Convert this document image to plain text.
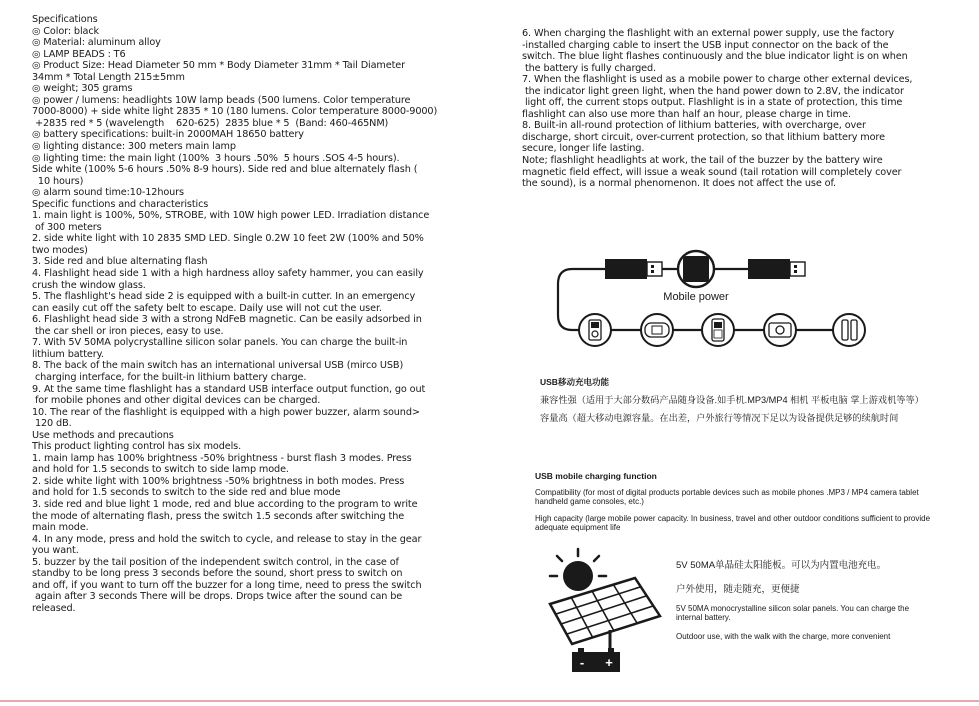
Specifications
◎ Color: black
◎ Material: aluminum alloy
◎ LAMP BEADS : T6
◎ Product Size: Head Diameter 50 mm * Body Diameter 31mm * Tail Diameter
34mm * Total Length 215±5mm
◎ weight; 305 grams
◎ power / lumens: headlights 10W lamp beads (500 lumens. Color temperature
7000-8000) + side white light 2835 * 10 (180 lumens. Color temperature 8000-9000)
+2835 red * 5 (wavelength    620-625)  2835 blue * 5  (Band: 460-465NM)
◎ battery specifications: built-in 2000MAH 18650 battery
◎ lighting distance: 300 meters main lamp
◎ lighting time: the main light (100%  3 hours .50%  5 hours .SOS 4-5 hours).
Side white (100% 5-6 hours .50% 8-9 hours). Side red and blue alternately flash (
10 hours)
◎ alarm sound time:10-12hours
Specific functions and characteristics
1. main light is 100%, 50%, STROBE, with 10W high power LED. Irradiation distance
of 300 meters
2. side white light with 10 2835 SMD LED. Single 0.2W 10 feet 2W (100% and 50%
two modes)
3. Side red and blue alternating flash
4. Flashlight head side 1 with a high hardness alloy safety hammer, you can easily
crush the window glass.
5. The flashlight's head side 2 is equipped with a built-in cutter. In an emergency
can easily cut off the safety belt to escape. Daily use will not cut the user.
6. Flashlight head side 3 with a strong NdFeB magnetic. Can be easily adsorbed in
the car shell or iron pieces, easy to use.
7. With 5V 50MA polycrystalline silicon solar panels. You can charge the built-in
lithium battery.
8. The back of the main switch has an international universal USB (mirco USB)
charging interface, for the built-in lithium battery charge.
9. At the same time flashlight has a standard USB interface output function, go out
for mobile phones and other digital devices can be charged.
10. The rear of the flashlight is equipped with a high power buzzer, alarm sound>
120 dB.
Use methods and precautions
This product lighting control has six models.
1. main lamp has 100% brightness -50% brightness - burst flash 3 modes. Press
and hold for 1.5 seconds to switch to side lamp mode.
2. side white light with 100% brightness -50% brightness in both modes. Press
and hold for 1.5 seconds to switch to the side red and blue mode
3. side red and blue light 1 mode, red and blue according to the program to write
the mode of alternating flash, press the switch 1.5 seconds after switching the
main mode.
4. In any mode, press and hold the switch to cycle, and release to stay in the gear
you want.
5. buzzer by the tail position of the independent switch control, in the case of
standby to be long press 3 seconds before the sound, short press to switch on
and off, if you want to turn off the buzzer for a long time, need to press the switch
again after 3 seconds There will be drops. Drops twice after the sound can be
released.
6. When charging the flashlight with an external power supply, use the factory
-installed charging cable to insert the USB input connector on the back of the
switch. The blue light flashes continuously and the blue indicator light is on when
the battery is fully charged.
7. When the flashlight is used as a mobile power to charge other external devices,
the indicator light green light, when the hand power down to 2.8V, the indicator
light off, the current stops output. Flashlight is in a state of protection, this time
flashlight can also use more than half an hour, please charge in time.
8. Built-in all-round protection of lithium batteries, with overcharge, over
discharge, short circuit, over-current protection, so that lithium battery more
secure, longer life lasting.
Note; flashlight headlights at work, the tail of the buzzer by the battery wire
magnetic field effect, will issue a weak sound (tail rotation will completely cover
the sound), is a normal phenomenon. It does not affect the use of.
Mobile power

USB移动充电功能

兼容性强（适用于大部分数码产品随身设备.如手机.MP3/MP4 相机 平板电脑 掌上游戏机等等）

容量高（超大移动电源容量。在出差，户外旅行等情况下足以为设备提供足够的续航时间

USB mobile charging function

Compatibility (for most of digital products portable devices such as mobile phones .MP3 / MP4 camera tablet handheld game consoles, etc.)

High capacity (large mobile power capacity. In business, travel and other outdoor conditions sufficient to provide adequate equipment life

- +

5V 50MA单晶硅太阳能板。可以为内置电池充电。

户外使用，随走随充，更便捷

5V 50MA monocrystalline silicon solar panels. You can charge the internal battery.

Outdoor use, with the walk with the charge, more convenient
